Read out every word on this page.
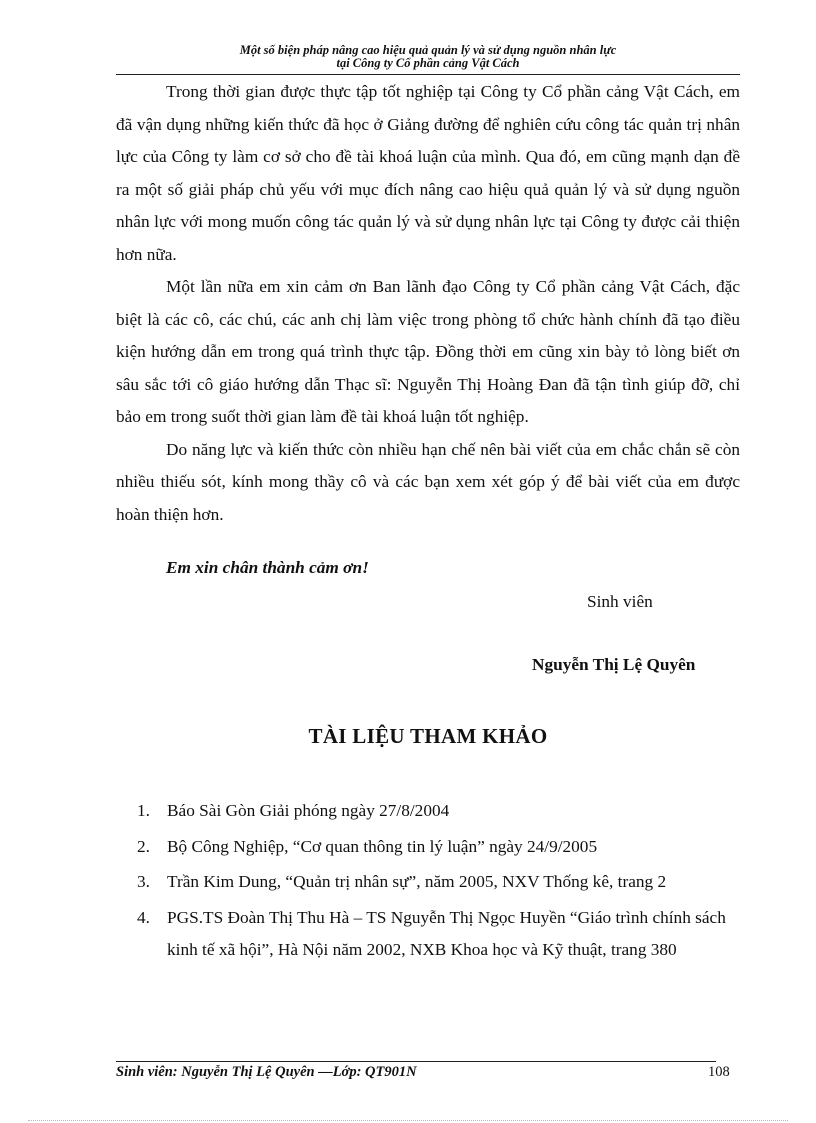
Một số biện pháp nâng cao hiệu quả quản lý và sử dụng nguồn nhân lực
tại Công ty Cổ phần cảng Vật Cách

Trong thời gian được thực tập tốt nghiệp tại Công ty Cổ phần cảng Vật Cách, em đã vận dụng những kiến thức đã học ở Giảng đường để nghiên cứu công tác quản trị nhân lực của Công ty làm cơ sở cho đề tài khoá luận của mình. Qua đó, em cũng mạnh dạn đề ra một số giải pháp chủ yếu với mục đích nâng cao hiệu quả quản lý và sử dụng nguồn nhân lực với mong muốn công tác quản lý và sử dụng nhân lực tại Công ty được cải thiện hơn nữa.

Một lần nữa em xin cảm ơn Ban lãnh đạo Công ty Cổ phần cảng Vật Cách, đặc biệt là các cô, các chú, các anh chị làm việc trong phòng tổ chức hành chính đã tạo điều kiện hướng dẫn em trong quá trình thực tập. Đồng thời em cũng xin bày tỏ lòng biết ơn sâu sắc tới cô giáo hướng dẫn Thạc sĩ: Nguyễn Thị Hoàng Đan đã tận tình giúp đỡ, chỉ bảo em trong suốt thời gian làm đề tài khoá luận tốt nghiệp.

Do năng lực và kiến thức còn nhiều hạn chế nên bài viết của em chắc chắn sẽ còn nhiều thiếu sót, kính mong thầy cô và các bạn xem xét góp ý để bài viết của em được hoàn thiện hơn.

Em xin chân thành cảm ơn!
Sinh viên
Nguyễn Thị Lệ Quyên
TÀI LIỆU THAM KHẢO
1. Báo Sài Gòn Giải phóng ngày 27/8/2004
2. Bộ Công Nghiệp, “Cơ quan thông tin lý luận” ngày 24/9/2005
3. Trần Kim Dung, “Quản trị nhân sự”, năm 2005, NXV Thống kê, trang 2
4. PGS.TS Đoàn Thị Thu Hà – TS Nguyễn Thị Ngọc Huyền “Giáo trình chính sách kinh tế xã hội”, Hà Nội năm 2002, NXB Khoa học và Kỹ thuật, trang 380
Sinh viên: Nguyễn Thị Lệ Quyên —Lớp: QT901N	108
